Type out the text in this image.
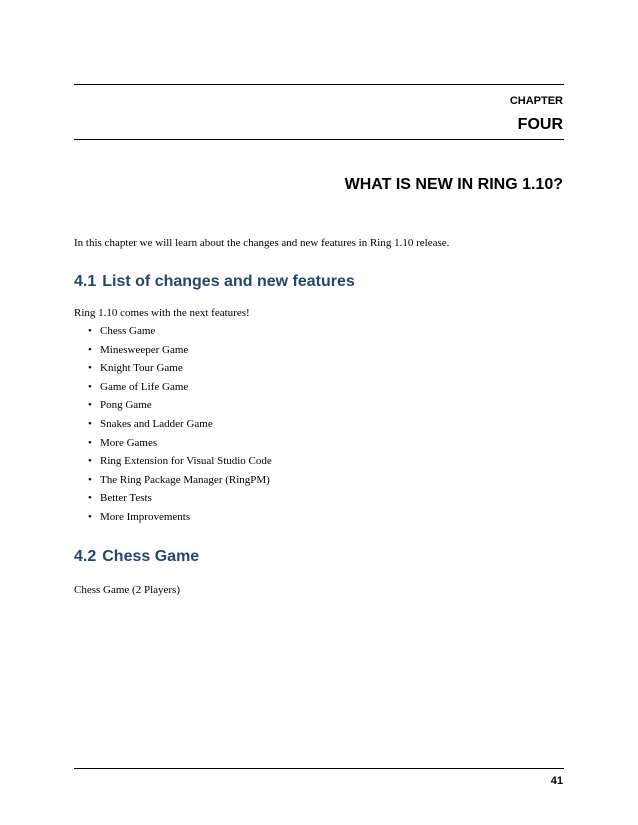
CHAPTER
FOUR
WHAT IS NEW IN RING 1.10?
In this chapter we will learn about the changes and new features in Ring 1.10 release.
4.1 List of changes and new features
Ring 1.10 comes with the next features!
• Chess Game
• Minesweeper Game
• Knight Tour Game
• Game of Life Game
• Pong Game
• Snakes and Ladder Game
• More Games
• Ring Extension for Visual Studio Code
• The Ring Package Manager (RingPM)
• Better Tests
• More Improvements
4.2 Chess Game
Chess Game (2 Players)
41
